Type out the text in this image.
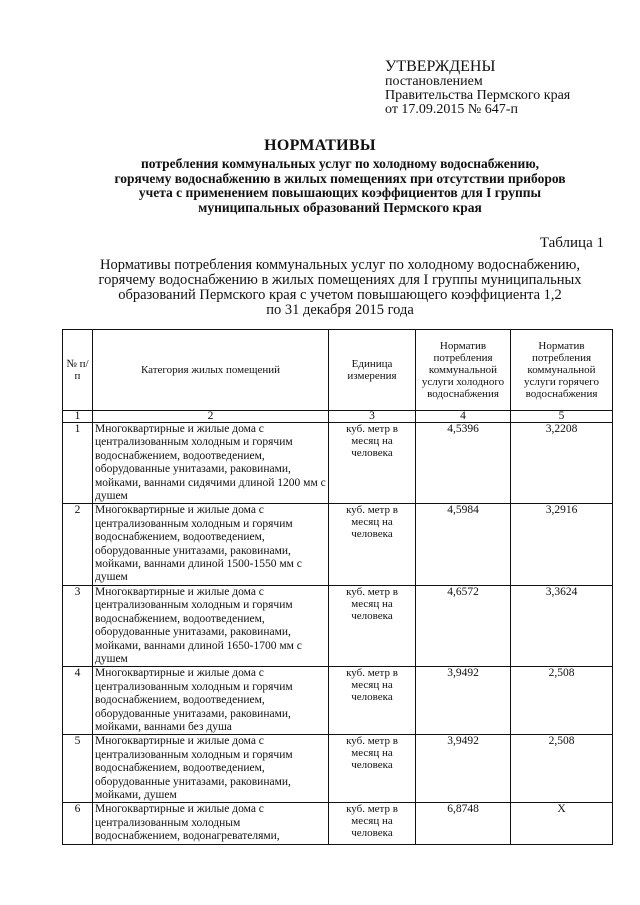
УТВЕРЖДЕНЫ
постановлением
Правительства Пермского края
от 17.09.2015 № 647-п
НОРМАТИВЫ
потребления коммунальных услуг по холодному водоснабжению,
горячему водоснабжению в жилых помещениях при отсутствии приборов
учета с применением повышающих коэффициентов для I группы
муниципальных образований Пермского края
Таблица 1
Нормативы потребления коммунальных услуг по холодному водоснабжению,
горячему водоснабжению в жилых помещениях для I группы муниципальных
образований Пермского края с учетом повышающего коэффициента 1,2
по 31 декабря 2015 года
№ п/п	Категория жилых помещений	Единица измерения	Норматив потребления коммунальной услуги холодного водоснабжения	Норматив потребления коммунальной услуги горячего водоснабжения
1	2	3	4	5
1	Многоквартирные и жилые дома с централизованным холодным и горячим водоснабжением, водоотведением, оборудованные унитазами, раковинами, мойками, ваннами сидячими длиной 1200 мм с душем	куб. метр в месяц на человека	4,5396	3,2208
2	Многоквартирные и жилые дома с централизованным холодным и горячим водоснабжением, водоотведением, оборудованные унитазами, раковинами, мойками, ваннами длиной 1500-1550 мм с душем	куб. метр в месяц на человека	4,5984	3,2916
3	Многоквартирные и жилые дома с централизованным холодным и горячим водоснабжением, водоотведением, оборудованные унитазами, раковинами, мойками, ваннами длиной 1650-1700 мм с душем	куб. метр в месяц на человека	4,6572	3,3624
4	Многоквартирные и жилые дома с централизованным холодным и горячим водоснабжением, водоотведением, оборудованные унитазами, раковинами, мойками, ваннами без душа	куб. метр в месяц на человека	3,9492	2,508
5	Многоквартирные и жилые дома с централизованным холодным и горячим водоснабжением, водоотведением, оборудованные унитазами, раковинами, мойками, душем	куб. метр в месяц на человека	3,9492	2,508
6	Многоквартирные и жилые дома с централизованным холодным водоснабжением, водонагревателями,	куб. метр в месяц на человека	6,8748	Х
